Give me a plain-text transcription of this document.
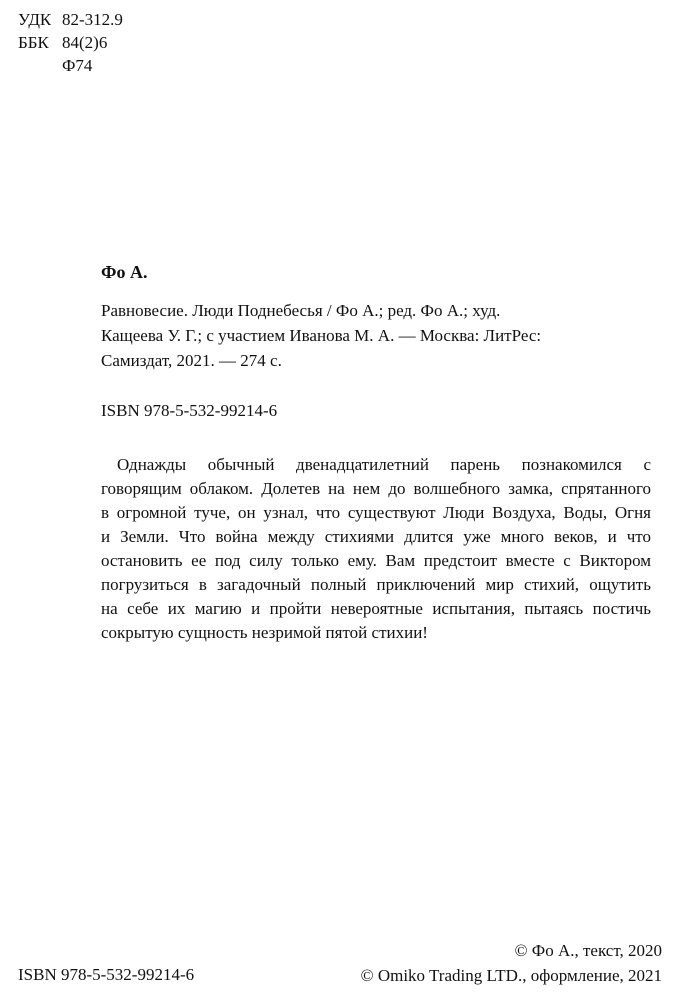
УДК 82-312.9
ББК 84(2)6
Ф74
Фо А.
Равновесие. Люди Поднебесья / Фо А.; ред. Фо А.; худ.
Кащеева У. Г.; с участием Иванова М. А. — Москва: ЛитРес:
Самиздат, 2021. — 274 с.
ISBN 978-5-532-99214-6
Однажды обычный двенадцатилетний парень познакомился с
говорящим облаком. Долетев на нем до волшебного замка, спрятанного
в огромной туче, он узнал, что существуют Люди Воздуха, Воды, Огня
и Земли. Что война между стихиями длится уже много веков, и что
остановить ее под силу только ему. Вам предстоит вместе с Виктором
погрузиться в загадочный полный приключений мир стихий, ощутить
на себе их магию и пройти невероятные испытания, пытаясь постичь
сокрытую сущность незримой пятой стихии!
ISBN 978-5-532-99214-6
© Фо А., текст, 2020
© Omiko Trading LTD., оформление, 2021
